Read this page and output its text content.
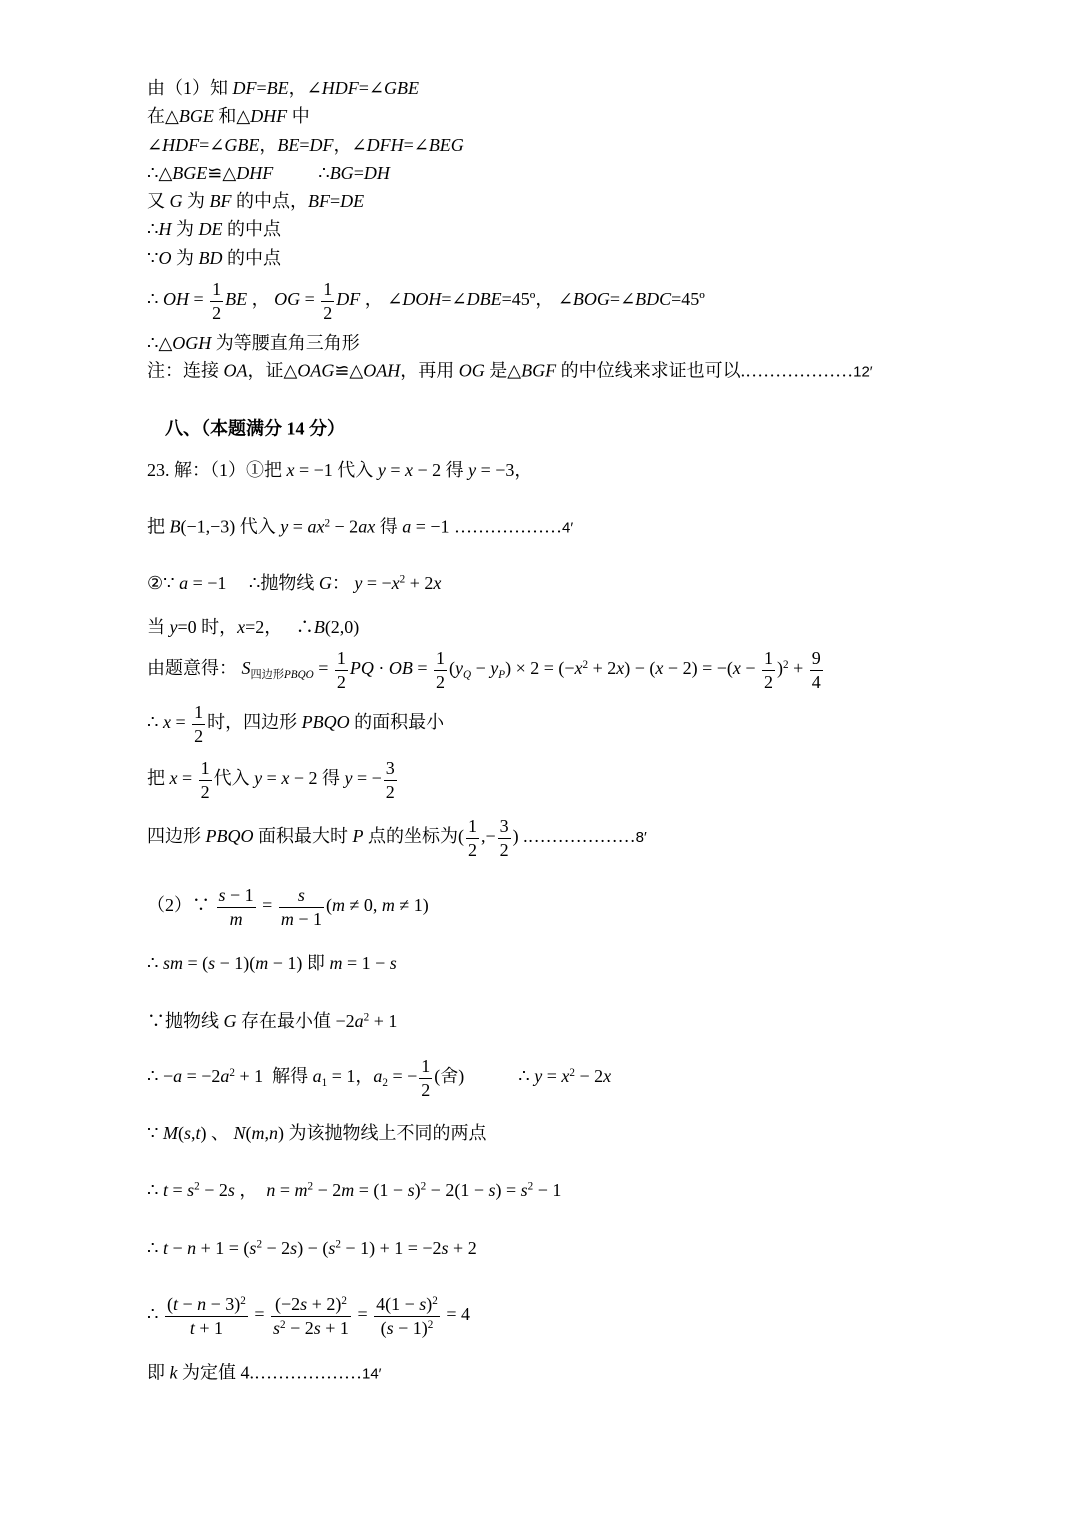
由（1）知 DF=BE，∠HDF=∠GBE
在△BGE 和△DHF 中
∠HDF=∠GBE，BE=DF，∠DFH=∠BEG
∴△BGE≌△DHF          ∴BG=DH
又 G 为 BF 的中点，BF=DE
∴H 为 DE 的中点
∵O 为 BD 的中点
∴ OH = $\frac{1}{2}$ BE ， OG = $\frac{1}{2}$ DF ， ∠DOH=∠DBE=45º， ∠BOG=∠BDC=45º
∴△OGH 为等腰直角三角形
注：连接 OA，证△OAG≌△OAH，再用 OG 是△BGF 的中位线来求证也可以.………………12′

八、（本题满分 14 分）

23. 解：（1）①把 x = −1 代入 y = x − 2 得 y = −3，
把 B(−1,−3) 代入 $y = ax^2 - 2ax$ 得 a = −1 ………………4′
②∵ a = −1     ∴抛物线 G： $y = -x^2 + 2x$
当 y=0 时，x=2，   ∴B(2,0)
由题意得： $S_{四边形PBQO} = \frac{1}{2}$ PQ · OB = $\frac{1}{2} (y_Q - y_P) \times 2 = (-x^2 + 2x) - (x - 2) = -(x - \frac{1}{2} )^2 + \frac{9}{4}$
∴ $x = \frac{1}{2}$ 时，四边形 PBQO 的面积最小
把 $x = \frac{1}{2}$ 代入 y = x − 2 得 y = − $\frac{3}{2}$
四边形 PBQO 面积最大时 P 点的坐标为( $\frac{1}{2}$ ,− $\frac{3}{2}$ ) .………………8′
（2）∵ $\frac{s - 1}{m} = \frac{s}{m - 1} (m \ne 0$, m ≠ 1)
∴ sm = (s − 1)(m − 1) 即 m = 1 − s
∵抛物线 G 存在最小值 $-2a^2 + 1$
∴ $-a = -2a^2 + 1$  解得 $a_1 = 1$，$a_2$ = − $\frac{1}{2}$ (舍)            ∴ $y = x^2 - 2x$
∵ M(s,t) 、 N(m,n) 为该抛物线上不同的两点
∴ $t = s^2 - 2s$ ，  $n = m^2 - 2m = (1 - s)^2 - 2(1 - s) = s^2 - 1$
∴ $t - n + 1 = (s^2 - 2s) - (s^2 - 1) + 1 = -2s + 2$
∴ $\frac{(t - n - 3)^2}{t + 1} = \frac{(-2s + 2)^2}{s^2 - 2s + 1} = \frac{4(1 - s)^2}{(s - 1)^2} = 4$
即 k 为定值 4.………………14′
